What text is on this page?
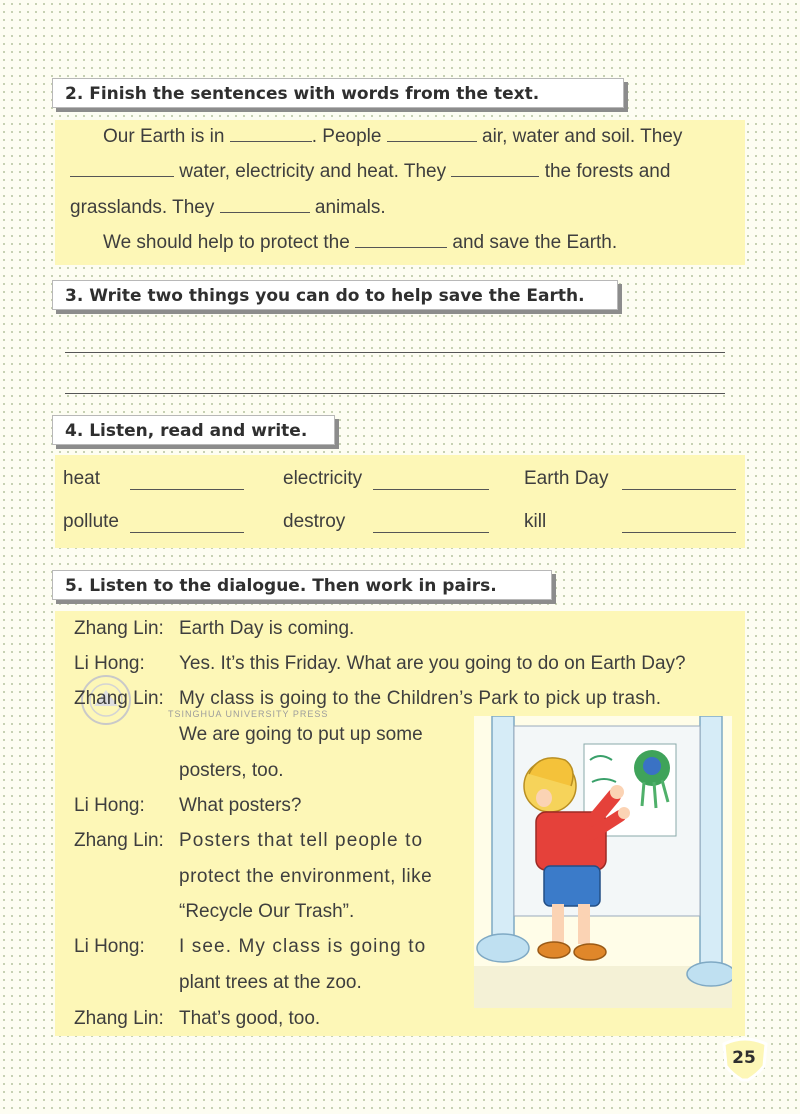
2. Finish the sentences with words from the text.
Our Earth is in	. People	air, water and soil. They
water, electricity and heat. They	the forests and
grasslands. They	animals.
We should help to protect the	and save the Earth.
3. Write two things you can do to help save the Earth.
4. Listen, read and write.
heat	electricity	Earth Day
pollute	destroy	kill
5. Listen to the dialogue. Then work in pairs.
TSINGHUA UNIVERSITY PRESS
Zhang Lin: Earth Day is coming.
Li Hong: Yes. It’s this Friday. What are you going to do on Earth Day?
Zhang Lin: My class is going to the Children’s Park to pick up trash.
We are going to put up some
posters, too.
Li Hong: What posters?
Zhang Lin: Posters that tell people to
protect the environment, like
“Recycle Our Trash”.
Li Hong: I see. My class is going to
plant trees at the zoo.
Zhang Lin: That’s good, too.
25
